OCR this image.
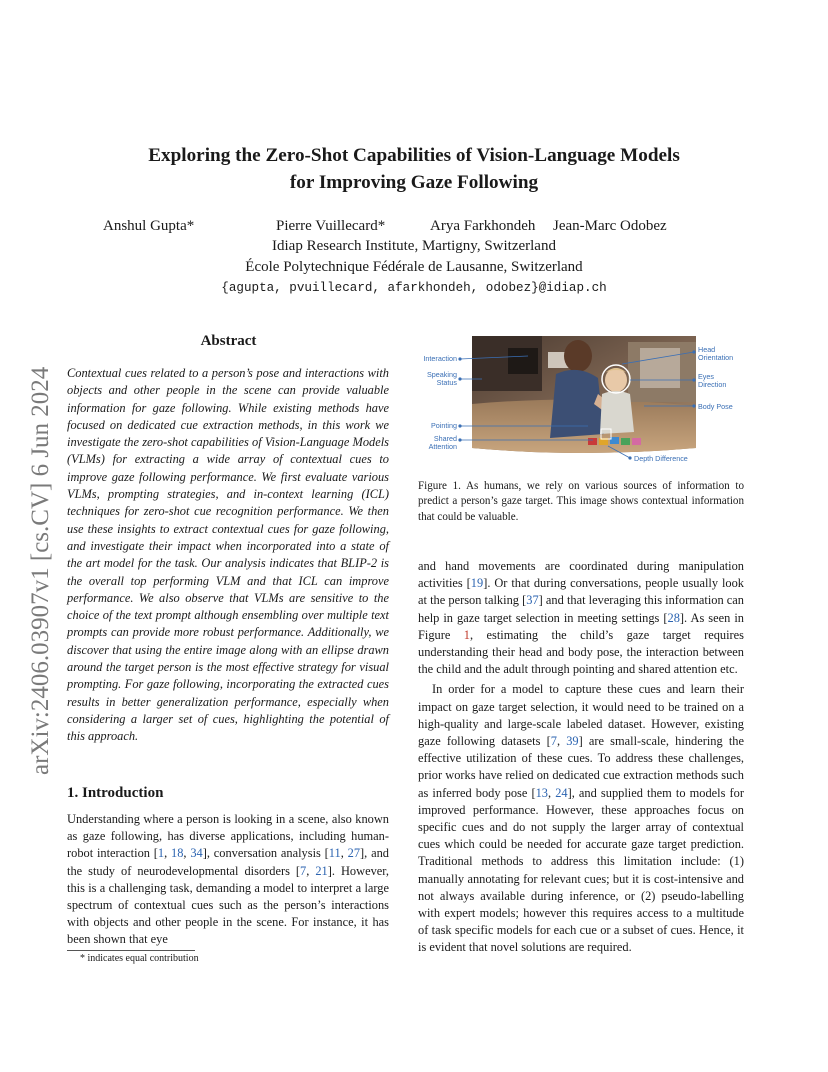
arXiv:2406.03907v1 [cs.CV] 6 Jun 2024
Exploring the Zero-Shot Capabilities of Vision-Language Models
for Improving Gaze Following
Anshul Gupta*	Pierre Vuillecard*	Arya Farkhondeh Jean-Marc Odobez
Idiap Research Institute, Martigny, Switzerland
École Polytechnique Fédérale de Lausanne, Switzerland
{agupta, pvuillecard, afarkhondeh, odobez}@idiap.ch
Abstract
Contextual cues related to a person’s pose and interactions with objects and other people in the scene can provide valuable information for gaze following. While existing methods have focused on dedicated cue extraction methods, in this work we investigate the zero-shot capabilities of Vision-Language Models (VLMs) for extracting a wide array of contextual cues to improve gaze following performance. We first evaluate various VLMs, prompting strategies, and in-context learning (ICL) techniques for zero-shot cue recognition performance. We then use these insights to extract contextual cues for gaze following, and investigate their impact when incorporated into a state of the art model for the task. Our analysis indicates that BLIP-2 is the overall top performing VLM and that ICL can improve performance. We also observe that VLMs are sensitive to the choice of the text prompt although ensembling over multiple text prompts can provide more robust performance. Additionally, we discover that using the entire image along with an ellipse drawn around the target person is the most effective strategy for visual prompting. For gaze following, incorporating the extracted cues results in better generalization performance, especially when considering a larger set of cues, highlighting the potential of this approach.
1. Introduction
Understanding where a person is looking in a scene, also known as gaze following, has diverse applications, including human-robot interaction [1, 18, 34], conversation analysis [11, 27], and the study of neurodevelopmental disorders [7, 21]. However, this is a challenging task, demanding a model to interpret a large spectrum of contextual cues such as the person’s interactions with objects and other people in the scene. For instance, it has been shown that eye
* indicates equal contribution
Interaction
Speaking
Status
Pointing
Shared
Attention
Head
Orientation
Eyes
Direction
Body Pose
Depth Difference
Figure 1. As humans, we rely on various sources of information to predict a person’s gaze target. This image shows contextual information that could be valuable.

and hand movements are coordinated during manipulation activities [19]. Or that during conversations, people usually look at the person talking [37] and that leveraging this information can help in gaze target selection in meeting settings [28]. As seen in Figure 1, estimating the child’s gaze target requires understanding their head and body pose, the interaction between the child and the adult through pointing and shared attention etc.

In order for a model to capture these cues and learn their impact on gaze target selection, it would need to be trained on a high-quality and large-scale labeled dataset. However, existing gaze following datasets [7, 39] are small-scale, hindering the effective utilization of these cues. To address these challenges, prior works have relied on dedicated cue extraction methods such as inferred body pose [13, 24], and supplied them to models for improved performance. However, these approaches focus on specific cues and do not supply the larger array of contextual cues which could be needed for accurate gaze target prediction. Traditional methods to address this limitation include: (1) manually annotating for relevant cues; but it is cost-intensive and not always available during inference, or (2) pseudo-labelling with expert models; however this requires access to a multitude of task specific models for each cue or a subset of cues. Hence, it is evident that novel solutions are required.
